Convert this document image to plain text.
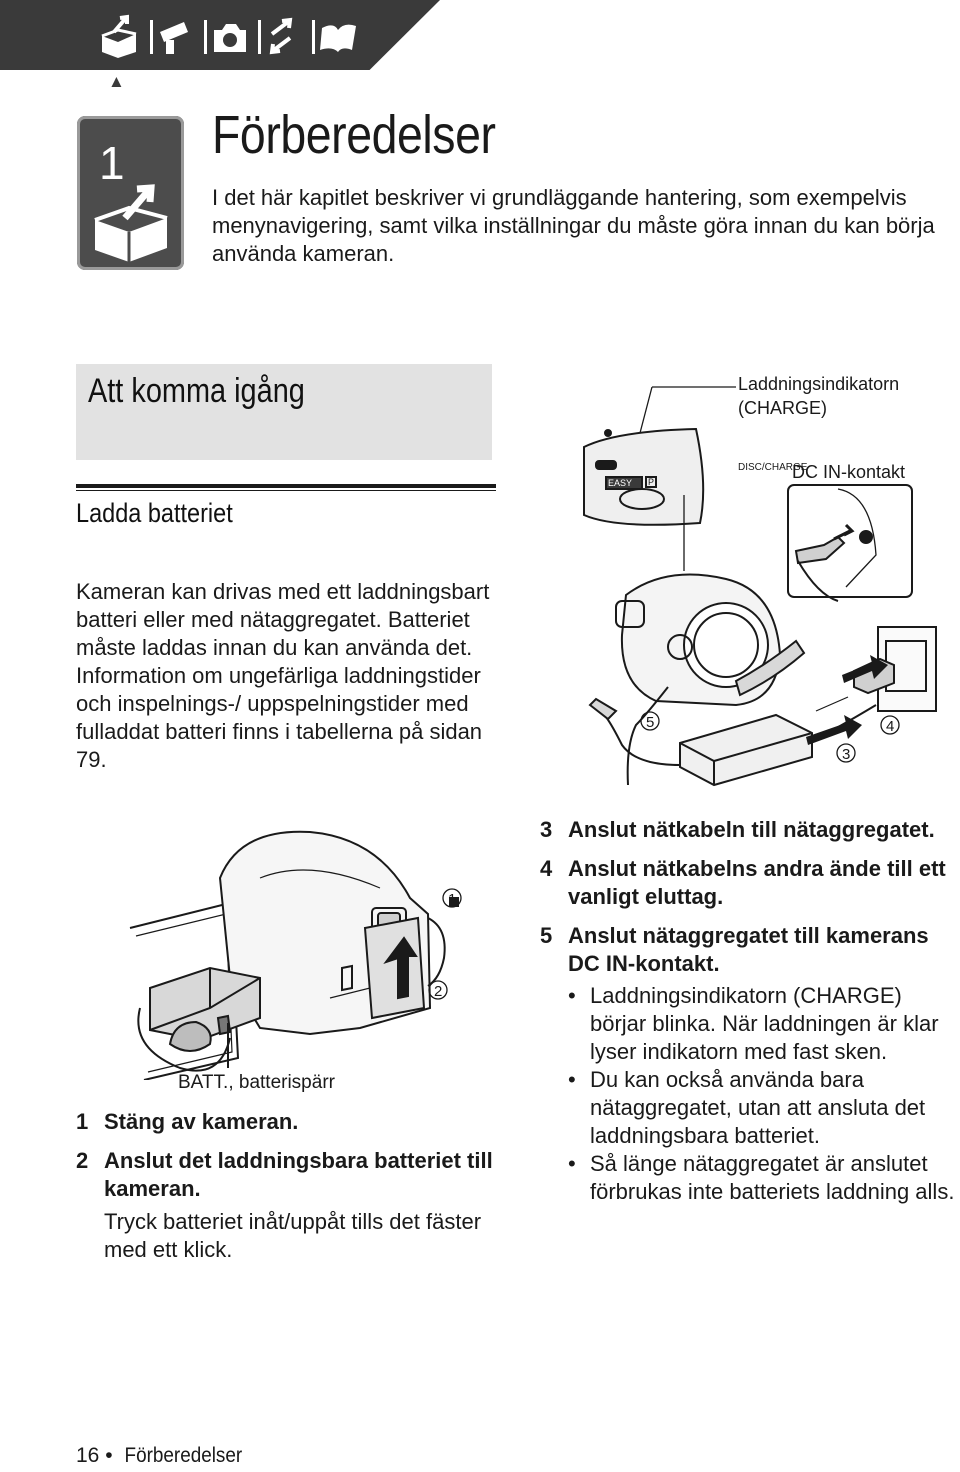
▲
1 Förberedelser
I det här kapitlet beskriver vi grundläggande hantering, som exempelvis menynavigering, samt vilka inställningar du måste göra innan du kan börja använda kameran.
Att komma igång
Ladda batteriet
Kameran kan drivas med ett laddningsbart batteri eller med nätaggregatet. Batteriet måste laddas innan du kan använda det. Information om ungefärliga laddningstider och inspelnings-/ uppspelningstider med fulladdat batteri finns i tabellerna på sidan 79.
1
2
BATT., batterispärr
DISC/CHARGE
EASY P
5	4
3
Laddningsindikatorn (CHARGE)
DC IN-kontakt
1 Stäng av kameran.
2 Anslut det laddningsbara batteriet till kameran.
Tryck batteriet inåt/uppåt tills det fäster med ett klick.
3 Anslut nätkabeln till nätaggregatet.
4 Anslut nätkabelns andra ände till ett vanligt eluttag.
5 Anslut nätaggregatet till kamerans DC IN-kontakt.
• Laddningsindikatorn (CHARGE) börjar blinka. När laddningen är klar lyser indikatorn med fast sken.
• Du kan också använda bara nätaggregatet, utan att ansluta det laddningsbara batteriet.
• Så länge nätaggregatet är anslutet förbrukas inte batteriets laddning alls.
16 • Förberedelser
